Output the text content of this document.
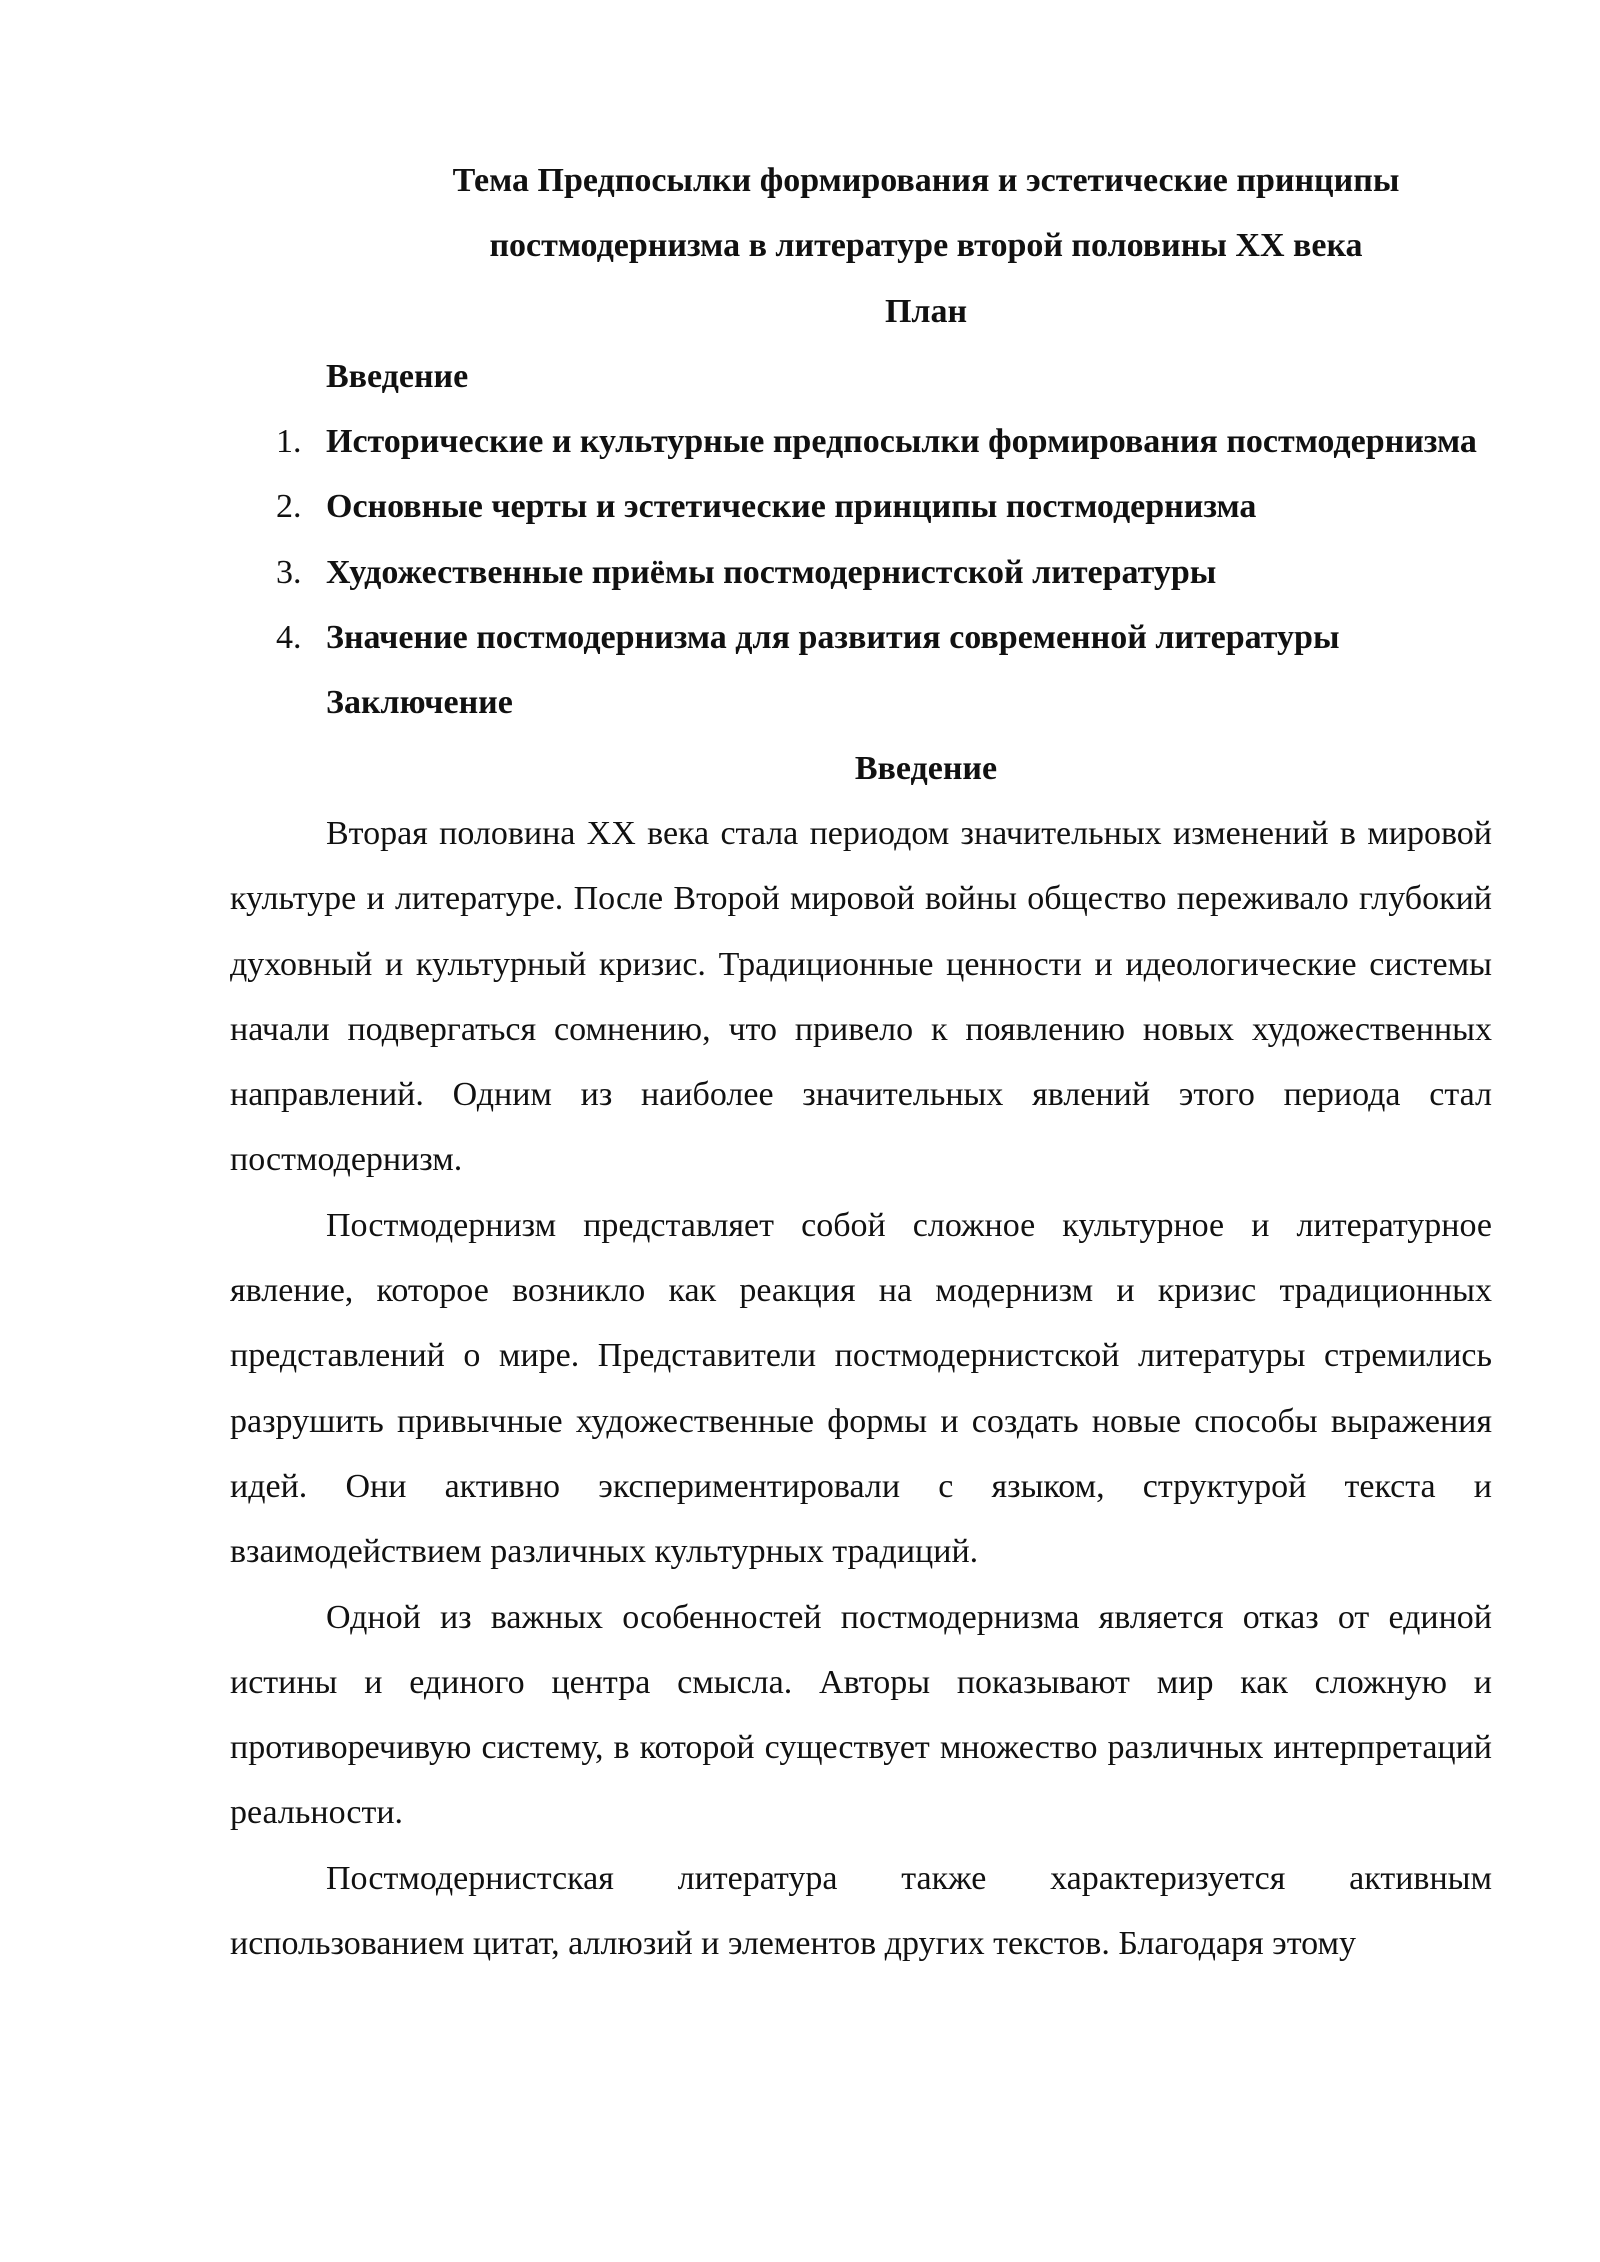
Тема Предпосылки формирования и эстетические принципы постмодернизма в литературе второй половины XX века

План

Введение

1. Исторические и культурные предпосылки формирования постмодернизма
2. Основные черты и эстетические принципы постмодернизма
3. Художественные приёмы постмодернистской литературы
4. Значение постмодернизма для развития современной литературы

Заключение

Введение

Вторая половина XX века стала периодом значительных изменений в мировой культуре и литературе. После Второй мировой войны общество переживало глубокий духовный и культурный кризис. Традиционные ценности и идеологические системы начали подвергаться сомнению, что привело к появлению новых художественных направлений. Одним из наиболее значительных явлений этого периода стал постмодернизм.

Постмодернизм представляет собой сложное культурное и литературное явление, которое возникло как реакция на модернизм и кризис традиционных представлений о мире. Представители постмодернистской литературы стремились разрушить привычные художественные формы и создать новые способы выражения идей. Они активно экспериментировали с языком, структурой текста и взаимодействием различных культурных традиций.

Одной из важных особенностей постмодернизма является отказ от единой истины и единого центра смысла. Авторы показывают мир как сложную и противоречивую систему, в которой существует множество различных интерпретаций реальности.

Постмодернистская литература также характеризуется активным использованием цитат, аллюзий и элементов других текстов. Благодаря этому
